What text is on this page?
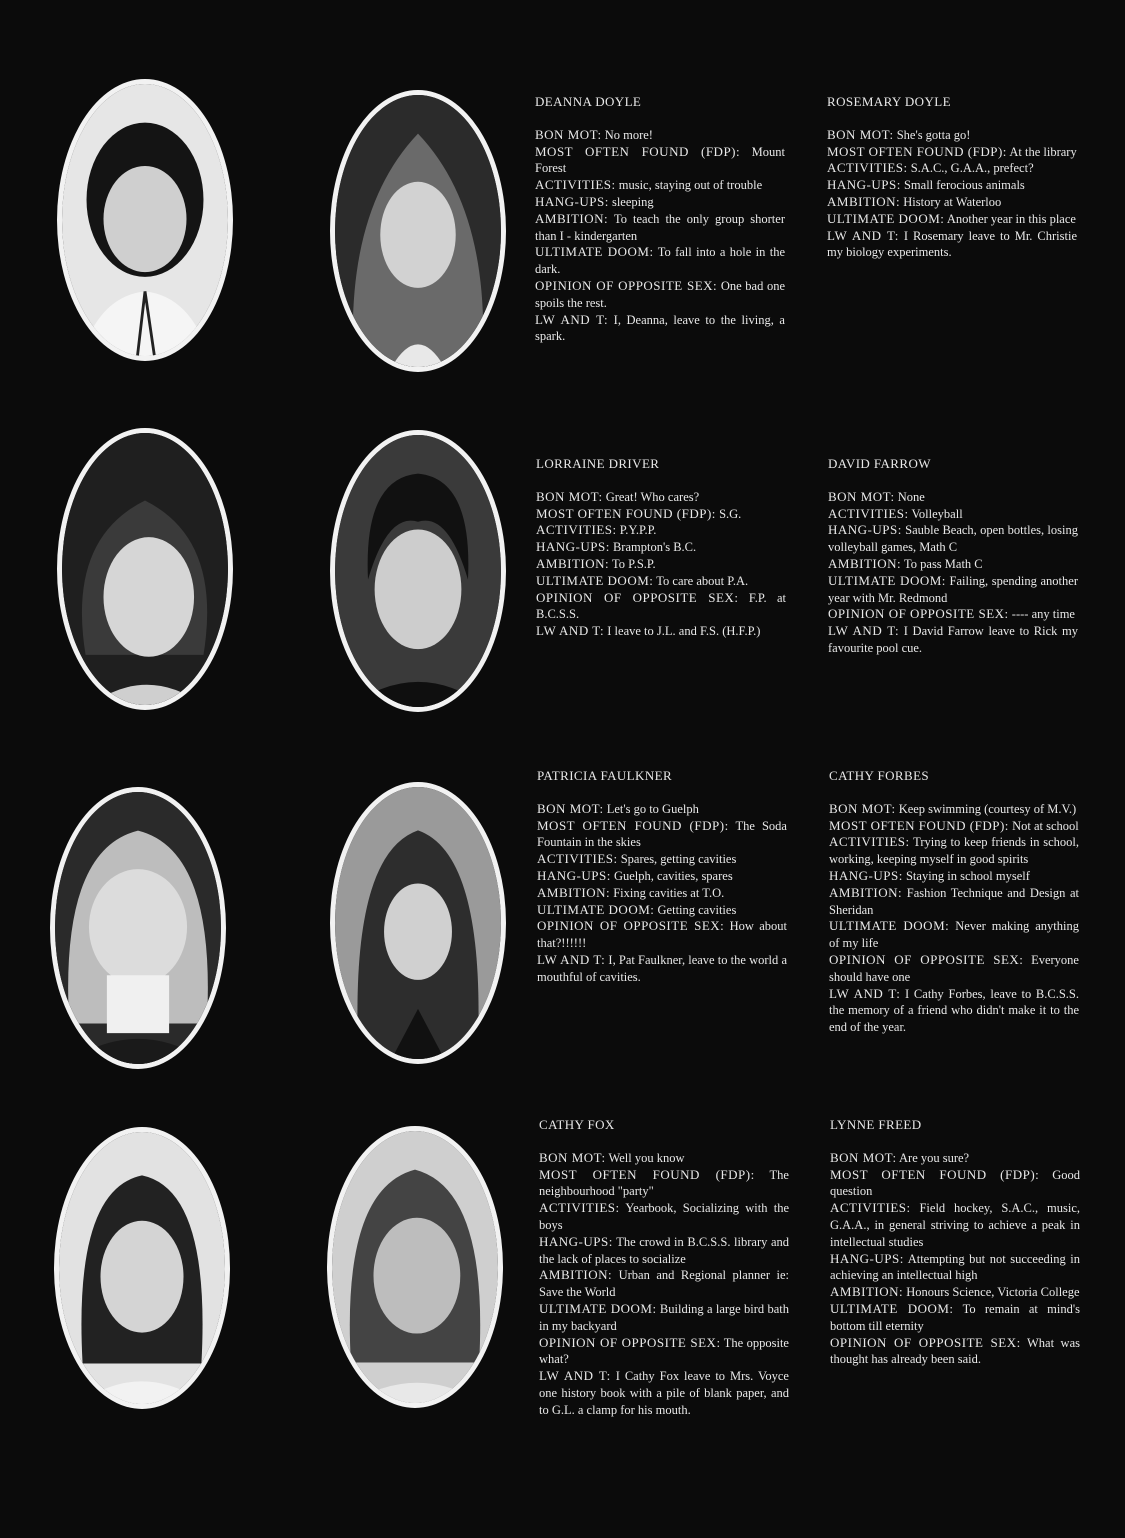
DEANNA DOYLE
BON MOT: No more!
MOST OFTEN FOUND (FDP): Mount Forest
ACTIVITIES: music, staying out of trouble
HANG-UPS: sleeping
AMBITION: To teach the only group shorter than I - kindergarten
ULTIMATE DOOM: To fall into a hole in the dark.
OPINION OF OPPOSITE SEX: One bad one spoils the rest.
LW AND T: I, Deanna, leave to the living, a spark.
ROSEMARY DOYLE
BON MOT: She's gotta go!
MOST OFTEN FOUND (FDP): At the library
ACTIVITIES: S.A.C., G.A.A., prefect?
HANG-UPS: Small ferocious animals
AMBITION: History at Waterloo
ULTIMATE DOOM: Another year in this place
LW AND T: I Rosemary leave to Mr. Christie my biology experiments.
LORRAINE DRIVER
BON MOT: Great! Who cares?
MOST OFTEN FOUND (FDP): S.G.
ACTIVITIES: P.Y.P.P.
HANG-UPS: Brampton's B.C.
AMBITION: To P.S.P.
ULTIMATE DOOM: To care about P.A.
OPINION OF OPPOSITE SEX: F.P. at B.C.S.S.
LW AND T: I leave to J.L. and F.S. (H.F.P.)
DAVID FARROW
BON MOT: None
ACTIVITIES: Volleyball
HANG-UPS: Sauble Beach, open bottles, losing volleyball games, Math C
AMBITION: To pass Math C
ULTIMATE DOOM: Failing, spending another year with Mr. Redmond
OPINION OF OPPOSITE SEX: ---- any time
LW AND T: I David Farrow leave to Rick my favourite pool cue.
PATRICIA FAULKNER
BON MOT: Let's go to Guelph
MOST OFTEN FOUND (FDP): The Soda Fountain in the skies
ACTIVITIES: Spares, getting cavities
HANG-UPS: Guelph, cavities, spares
AMBITION: Fixing cavities at T.O.
ULTIMATE DOOM: Getting cavities
OPINION OF OPPOSITE SEX: How about that?!!!!!!
LW AND T: I, Pat Faulkner, leave to the world a mouthful of cavities.
CATHY FORBES
BON MOT: Keep swimming (courtesy of M.V.)
MOST OFTEN FOUND (FDP): Not at school
ACTIVITIES: Trying to keep friends in school, working, keeping myself in good spirits
HANG-UPS: Staying in school myself
AMBITION: Fashion Technique and Design at Sheridan
ULTIMATE DOOM: Never making anything of my life
OPINION OF OPPOSITE SEX: Everyone should have one
LW AND T: I Cathy Forbes, leave to B.C.S.S. the memory of a friend who didn't make it to the end of the year.
CATHY FOX
BON MOT: Well you know
MOST OFTEN FOUND (FDP): The neighbourhood "party"
ACTIVITIES: Yearbook, Socializing with the boys
HANG-UPS: The crowd in B.C.S.S. library and the lack of places to socialize
AMBITION: Urban and Regional planner ie: Save the World
ULTIMATE DOOM: Building a large bird bath in my backyard
OPINION OF OPPOSITE SEX: The opposite what?
LW AND T: I Cathy Fox leave to Mrs. Voyce one history book with a pile of blank paper, and to G.L. a clamp for his mouth.
LYNNE FREED
BON MOT: Are you sure?
MOST OFTEN FOUND (FDP): Good question
ACTIVITIES: Field hockey, S.A.C., music, G.A.A., in general striving to achieve a peak in intellectual studies
HANG-UPS: Attempting but not succeeding in achieving an intellectual high
AMBITION: Honours Science, Victoria College
ULTIMATE DOOM: To remain at mind's bottom till eternity
OPINION OF OPPOSITE SEX: What was thought has already been said.
